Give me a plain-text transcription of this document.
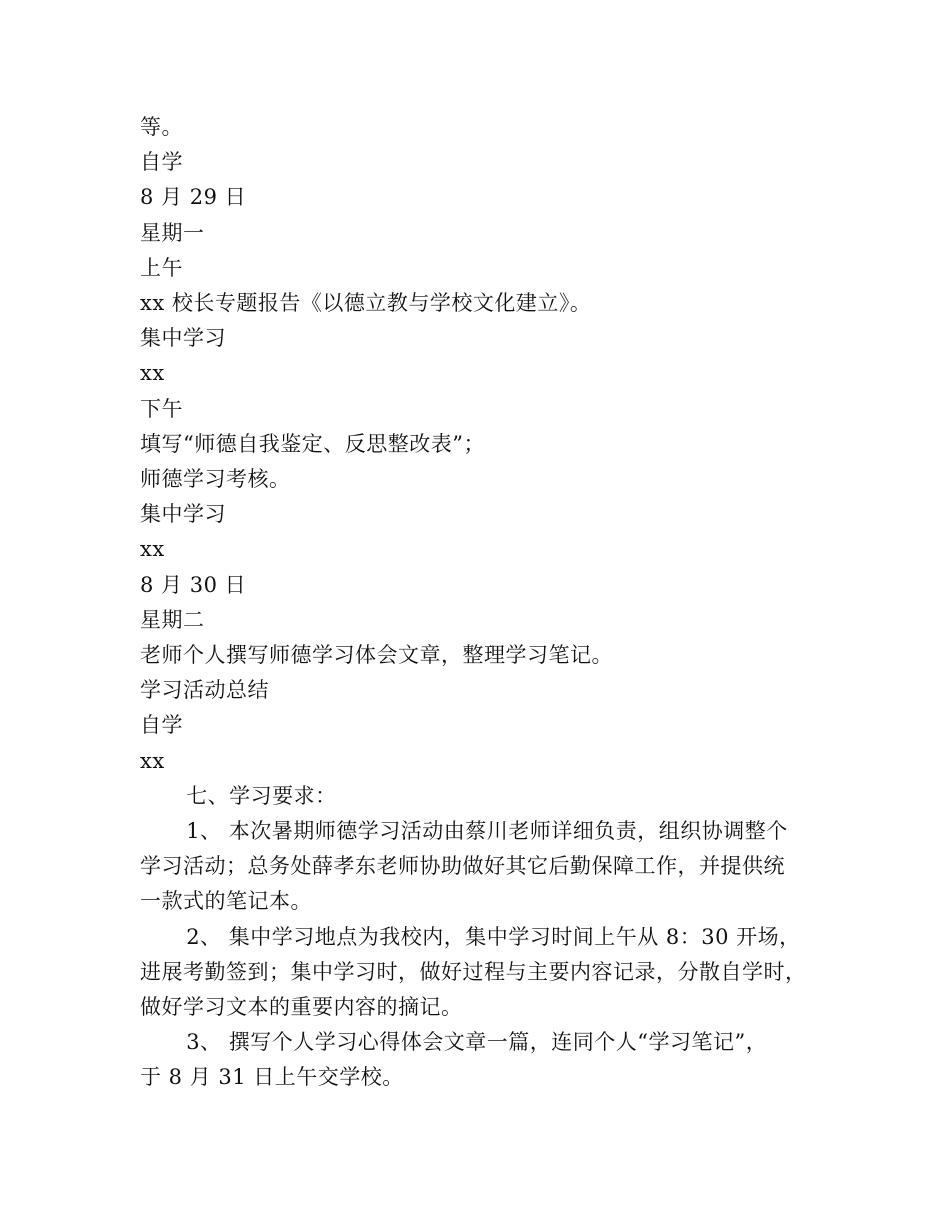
等。
自学
8 月 29 日
星期一
上午
xx 校长专题报告《以德立教与学校文化建立》。
集中学习
xx
下午
填写“师德自我鉴定、反思整改表”；
师德学习考核。
集中学习
xx
8 月 30 日
星期二
老师个人撰写师德学习体会文章，整理学习笔记。
学习活动总结
自学
xx
七、学习要求：
1、 本次暑期师德学习活动由蔡川老师详细负责，组织协调整个
学习活动；总务处薛孝东老师协助做好其它后勤保障工作，并提供统
一款式的笔记本。
2、 集中学习地点为我校内，集中学习时间上午从 8：30 开场，
进展考勤签到；集中学习时，做好过程与主要内容记录，分散自学时，
做好学习文本的重要内容的摘记。
3、 撰写个人学习心得体会文章一篇，连同个人“学习笔记”，
于 8 月 31 日上午交学校。
